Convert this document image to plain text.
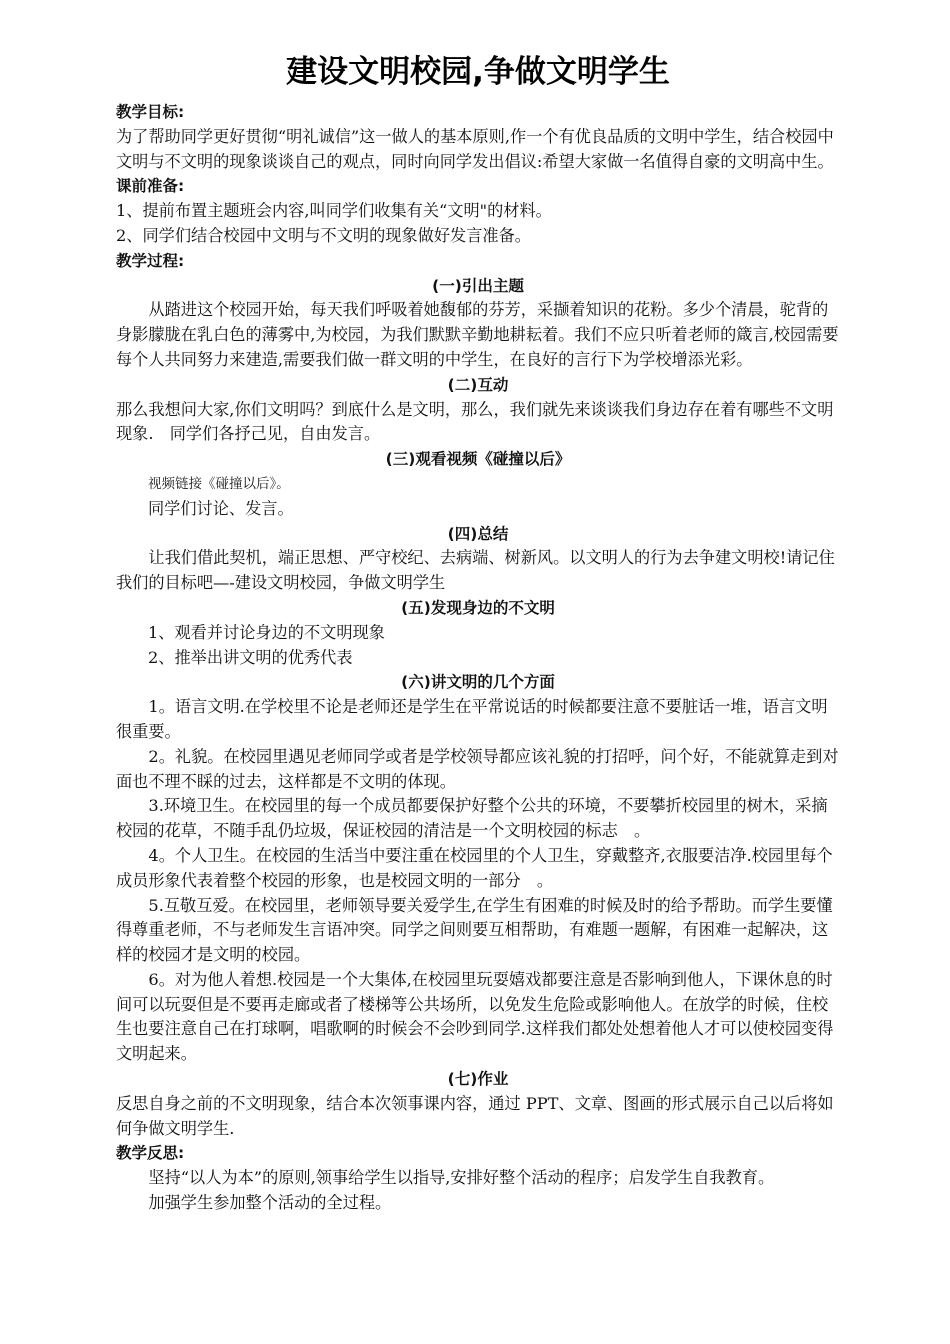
建设文明校园,争做文明学生

教学目标:

为了帮助同学更好贯彻“明礼诚信”这一做人的基本原则,作一个有优良品质的文明中学生，结合校园中文明与不文明的现象谈谈自己的观点，同时向同学发出倡议:希望大家做一名值得自豪的文明高中生。

课前准备:

1、提前布置主题班会内容,叫同学们收集有关“文明"的材料。

2、同学们结合校园中文明与不文明的现象做好发言准备。

教学过程:

(一)引出主题

从踏进这个校园开始，每天我们呼吸着她馥郁的芬芳，采撷着知识的花粉。多少个清晨，驼背的身影朦胧在乳白色的薄雾中,为校园，为我们默默辛勤地耕耘着。我们不应只听着老师的箴言,校园需要每个人共同努力来建造,需要我们做一群文明的中学生，在良好的言行下为学校增添光彩。

(二)互动

那么我想问大家,你们文明吗？到底什么是文明，那么，我们就先来谈谈我们身边存在着有哪些不文明现象.　同学们各抒己见，自由发言。

(三)观看视频《碰撞以后》

视频链接《碰撞以后》。

同学们讨论、发言。

(四)总结

让我们借此契机，端正思想、严守校纪、去病端、树新风。以文明人的行为去争建文明校!请记住我们的目标吧—-建设文明校园，争做文明学生

(五)发现身边的不文明

1、观看并讨论身边的不文明现象

2、推举出讲文明的优秀代表

(六)讲文明的几个方面

1。语言文明.在学校里不论是老师还是学生在平常说话的时候都要注意不要脏话一堆，语言文明很重要。

2。礼貌。在校园里遇见老师同学或者是学校领导都应该礼貌的打招呼，问个好，不能就算走到对面也不理不睬的过去，这样都是不文明的体现。

3.环境卫生。在校园里的每一个成员都要保护好整个公共的环境，不要攀折校园里的树木，采摘校园的花草，不随手乱仍垃圾，保证校园的清洁是一个文明校园的标志　。

4。个人卫生。在校园的生活当中要注重在校园里的个人卫生，穿戴整齐,衣服要洁净.校园里每个成员形象代表着整个校园的形象，也是校园文明的一部分　。

5.互敬互爱。在校园里，老师领导要关爱学生,在学生有困难的时候及时的给予帮助。而学生要懂得尊重老师，不与老师发生言语冲突。同学之间则要互相帮助，有难题一题解，有困难一起解决，这样的校园才是文明的校园。

6。对为他人着想.校园是一个大集体,在校园里玩耍嬉戏都要注意是否影响到他人，下课休息的时间可以玩耍但是不要再走廊或者了楼梯等公共场所，以免发生危险或影响他人。在放学的时候，住校生也要注意自己在打球啊，唱歌啊的时候会不会吵到同学.这样我们都处处想着他人才可以使校园变得文明起来。

(七)作业

反思自身之前的不文明现象，结合本次领事课内容，通过 PPT、文章、图画的形式展示自己以后将如何争做文明学生.

教学反思:

坚持“以人为本”的原则,领事给学生以指导,安排好整个活动的程序；启发学生自我教育。

加强学生参加整个活动的全过程。
